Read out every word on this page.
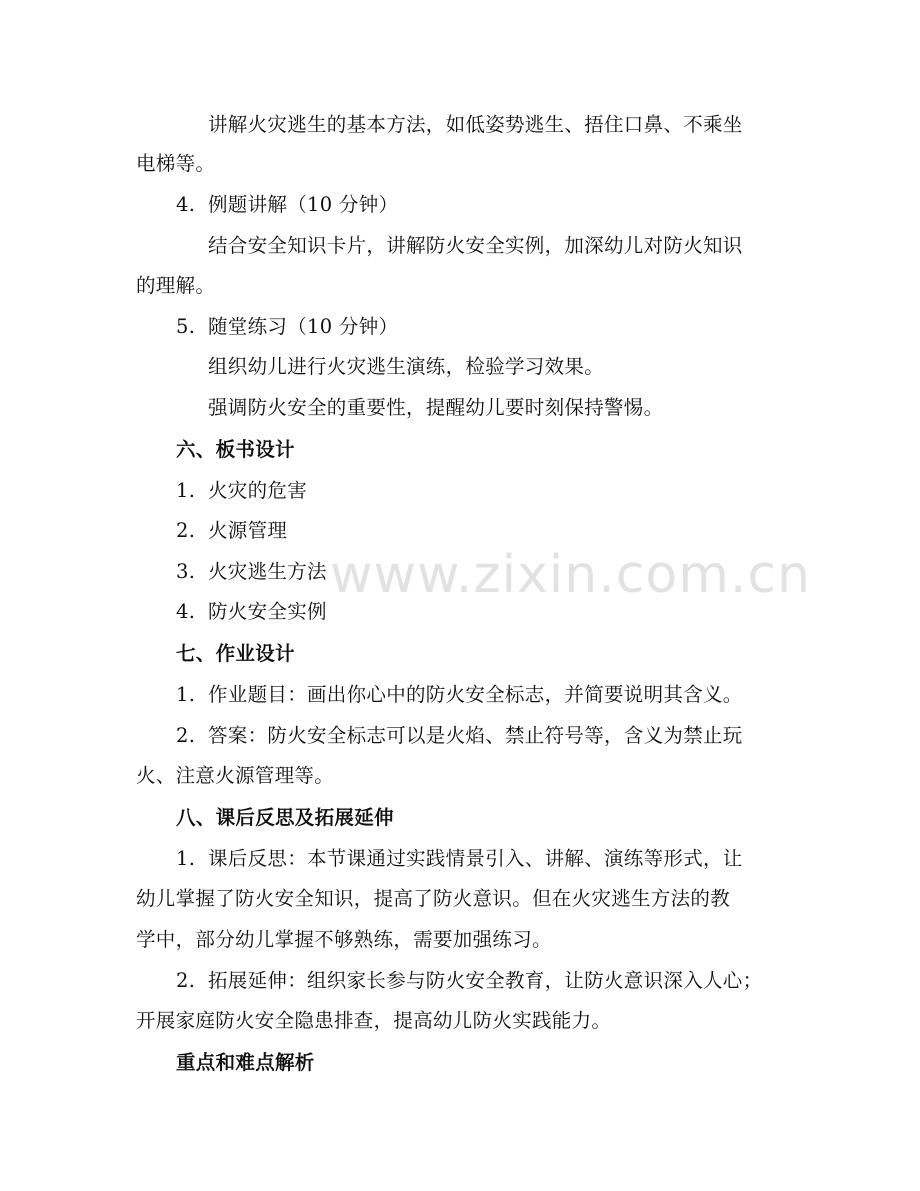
www.zixin.com.cn
讲解火灾逃生的基本方法，如低姿势逃生、捂住口鼻、不乘坐
电梯等。
4. 例题讲解（10 分钟）
结合安全知识卡片，讲解防火安全实例，加深幼儿对防火知识
的理解。
5. 随堂练习（10 分钟）
组织幼儿进行火灾逃生演练，检验学习效果。
强调防火安全的重要性，提醒幼儿要时刻保持警惕。
六、板书设计
1. 火灾的危害
2. 火源管理
3. 火灾逃生方法
4. 防火安全实例
七、作业设计
1. 作业题目：画出你心中的防火安全标志，并简要说明其含义。
2. 答案：防火安全标志可以是火焰、禁止符号等，含义为禁止玩
火、注意火源管理等。
八、课后反思及拓展延伸
1. 课后反思：本节课通过实践情景引入、讲解、演练等形式，让
幼儿掌握了防火安全知识，提高了防火意识。但在火灾逃生方法的教
学中，部分幼儿掌握不够熟练，需要加强练习。
2. 拓展延伸：组织家长参与防火安全教育，让防火意识深入人心；
开展家庭防火安全隐患排查，提高幼儿防火实践能力。
重点和难点解析
